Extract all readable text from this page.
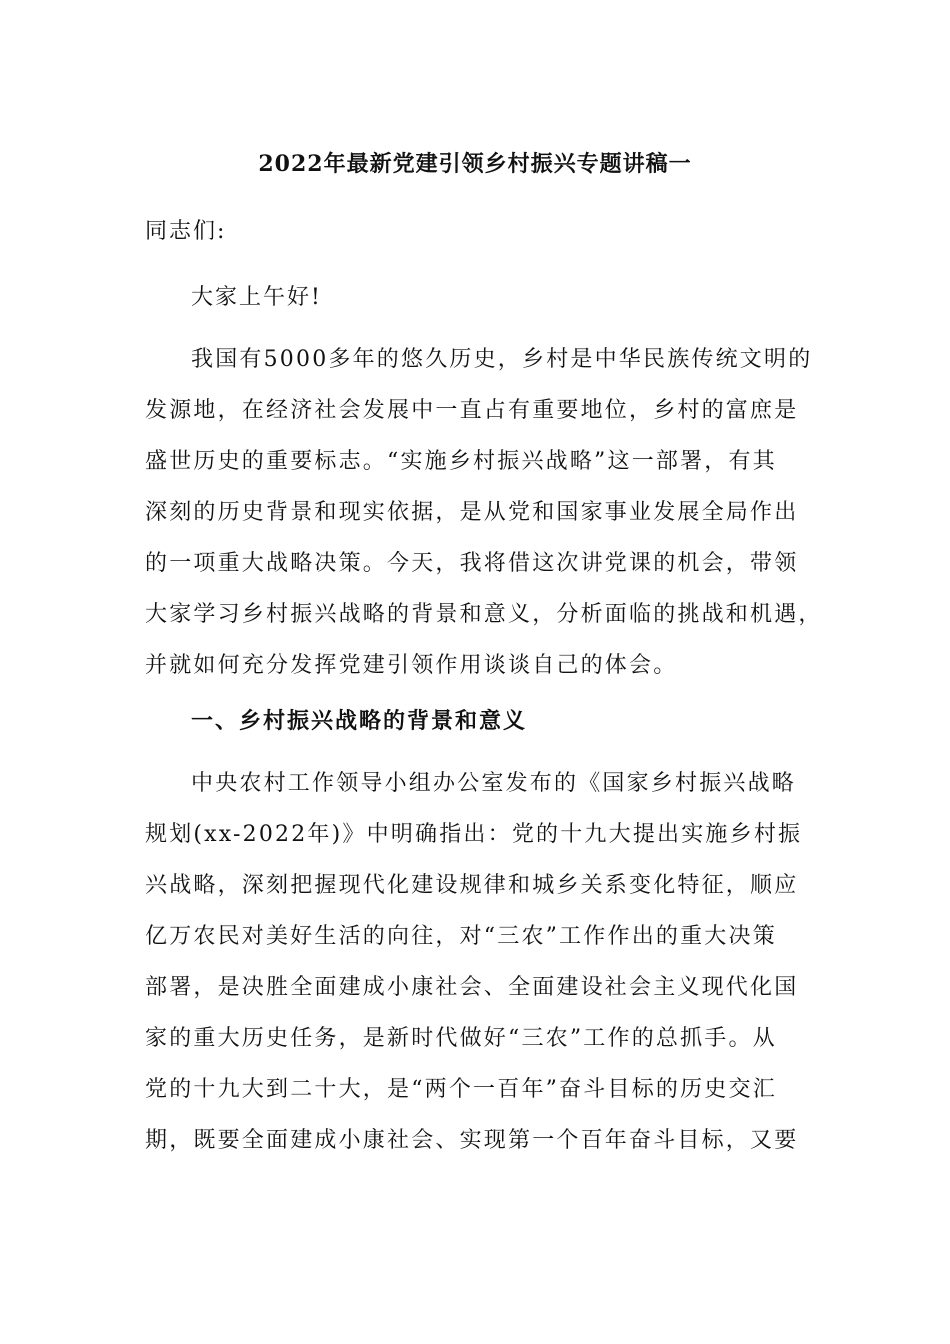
2022年最新党建引领乡村振兴专题讲稿一
同志们:
大家上午好!
我国有5000多年的悠久历史，乡村是中华民族传统文明的
发源地，在经济社会发展中一直占有重要地位，乡村的富庶是
盛世历史的重要标志。“实施乡村振兴战略”这一部署，有其
深刻的历史背景和现实依据，是从党和国家事业发展全局作出
的一项重大战略决策。今天，我将借这次讲党课的机会，带领
大家学习乡村振兴战略的背景和意义，分析面临的挑战和机遇，
并就如何充分发挥党建引领作用谈谈自己的体会。
一、乡村振兴战略的背景和意义
中央农村工作领导小组办公室发布的《国家乡村振兴战略
规划(xx-2022年)》中明确指出：党的十九大提出实施乡村振
兴战略，深刻把握现代化建设规律和城乡关系变化特征，顺应
亿万农民对美好生活的向往，对“三农”工作作出的重大决策
部署，是决胜全面建成小康社会、全面建设社会主义现代化国
家的重大历史任务，是新时代做好“三农”工作的总抓手。从
党的十九大到二十大，是“两个一百年”奋斗目标的历史交汇
期，既要全面建成小康社会、实现第一个百年奋斗目标，又要
